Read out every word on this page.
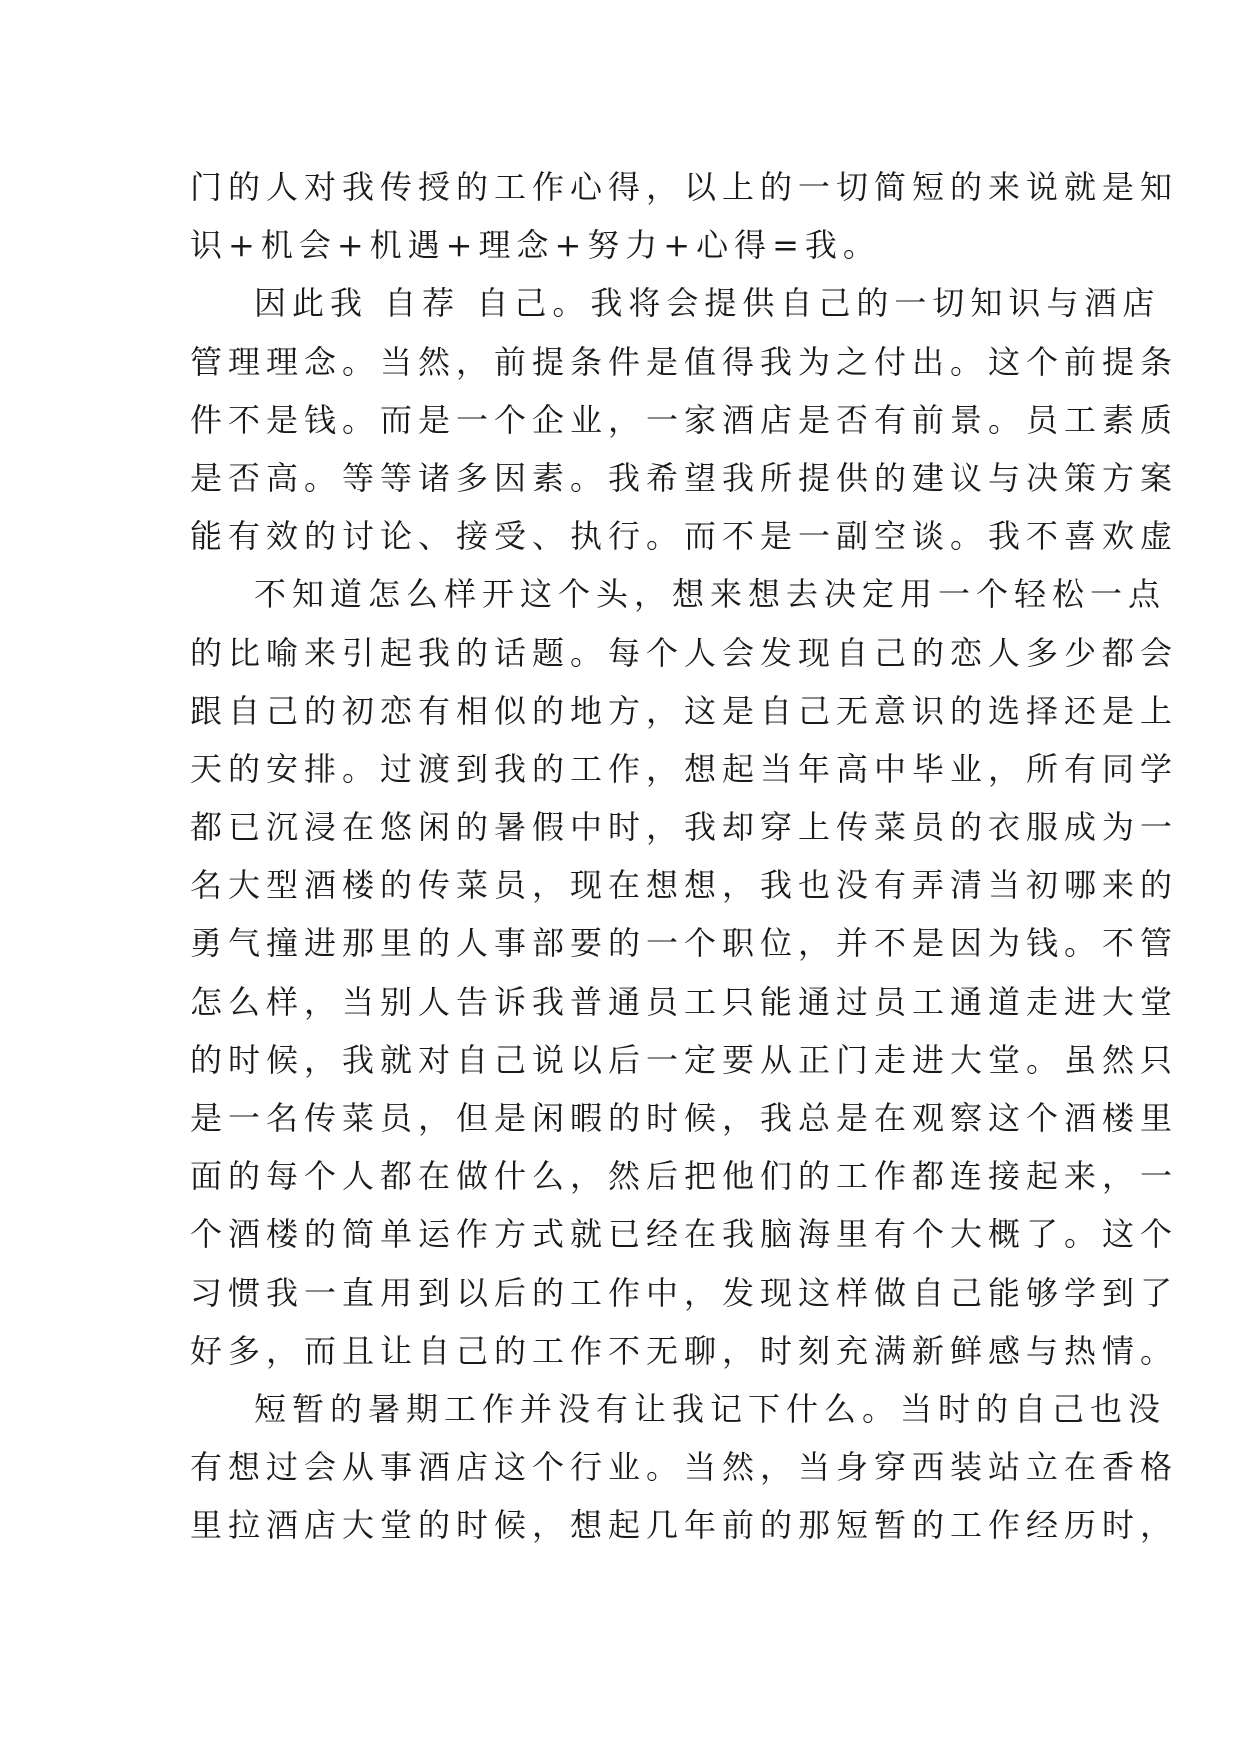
门的人对我传授的工作心得，以上的一切简短的来说就是知
识+机会+机遇+理念+努力+心得=我。
因此我 自荐 自己。我将会提供自己的一切知识与酒店
管理理念。当然，前提条件是值得我为之付出。这个前提条
件不是钱。而是一个企业，一家酒店是否有前景。员工素质
是否高。等等诸多因素。我希望我所提供的建议与决策方案
能有效的讨论、接受、执行。而不是一副空谈。我不喜欢虚
不知道怎么样开这个头，想来想去决定用一个轻松一点
的比喻来引起我的话题。每个人会发现自己的恋人多少都会
跟自己的初恋有相似的地方，这是自己无意识的选择还是上
天的安排。过渡到我的工作，想起当年高中毕业，所有同学
都已沉浸在悠闲的暑假中时，我却穿上传菜员的衣服成为一
名大型酒楼的传菜员，现在想想，我也没有弄清当初哪来的
勇气撞进那里的人事部要的一个职位，并不是因为钱。不管
怎么样，当别人告诉我普通员工只能通过员工通道走进大堂
的时候，我就对自己说以后一定要从正门走进大堂。虽然只
是一名传菜员，但是闲暇的时候，我总是在观察这个酒楼里
面的每个人都在做什么，然后把他们的工作都连接起来，一
个酒楼的简单运作方式就已经在我脑海里有个大概了。这个
习惯我一直用到以后的工作中，发现这样做自己能够学到了
好多，而且让自己的工作不无聊，时刻充满新鲜感与热情。
短暂的暑期工作并没有让我记下什么。当时的自己也没
有想过会从事酒店这个行业。当然，当身穿西装站立在香格
里拉酒店大堂的时候，想起几年前的那短暂的工作经历时，
